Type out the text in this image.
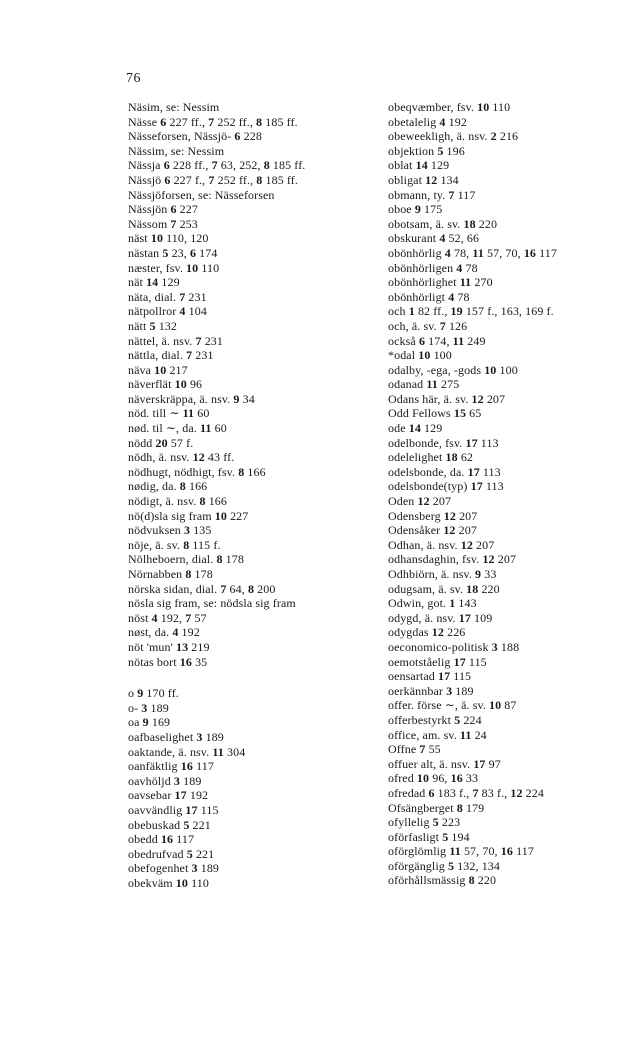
76
Näsim, se: Nessim
Nässe 6 227 ff., 7 252 ff., 8 185 ff.
Nässeforsen, Nässjö- 6 228
Nässim, se: Nessim
Nässja 6 228 ff., 7 63, 252, 8 185 ff.
Nässjö 6 227 f., 7 252 ff., 8 185 ff.
Nässjöforsen, se: Nässeforsen
Nässjön 6 227
Nässom 7 253
näst 10 110, 120
nästan 5 23, 6 174
næster, fsv. 10 110
nät 14 129
näta, dial. 7 231
nätpollror 4 104
nätt 5 132
nättel, ä. nsv. 7 231
nättla, dial. 7 231
näva 10 217
näverflät 10 96
näverskräppa, ä. nsv. 9 34
nöd. till ∼ 11 60
nød. til ∼, da. 11 60
nödd 20 57 f.
nödh, ä. nsv. 12 43 ff.
nödhugt, nödhigt, fsv. 8 166
nødig, da. 8 166
nödigt, ä. nsv. 8 166
nö(d)sla sig fram 10 227
nödvuksen 3 135
nöje, ä. sv. 8 115 f.
Nölheboern, dial. 8 178
Nörnabben 8 178
nörska sidan, dial. 7 64, 8 200
nösla sig fram, se: nödsla sig fram
nöst 4 192, 7 57
nøst, da. 4 192
nöt 'mun' 13 219
nötas bort 16 35
o 9 170 ff.
o- 3 189
oa 9 169
oafbaselighet 3 189
oaktande, ä. nsv. 11 304
oanfäktlig 16 117
oavhöljd 3 189
oavsebar 17 192
oavvändlig 17 115
obebuskad 5 221
obedd 16 117
obedrufvad 5 221
obefogenhet 3 189
obekväm 10 110
obeqvæmber, fsv. 10 110
obetalelig 4 192
obeweekligh, ä. nsv. 2 216
objektion 5 196
oblat 14 129
obligat 12 134
obmann, ty. 7 117
oboe 9 175
obotsam, ä. sv. 18 220
obskurant 4 52, 66
obönhörlig 4 78, 11 57, 70, 16 117
obönhörligen 4 78
obönhörlighet 11 270
obönhörligt 4 78
och 1 82 ff., 19 157 f., 163, 169 f.
och, ä. sv. 7 126
också 6 174, 11 249
*odal 10 100
odalby, -ega, -gods 10 100
odanad 11 275
Odans här, ä. sv. 12 207
Odd Fellows 15 65
ode 14 129
odelbonde, fsv. 17 113
odelelighet 18 62
odelsbonde, da. 17 113
odelsbonde(typ) 17 113
Oden 12 207
Odensberg 12 207
Odensåker 12 207
Odhan, ä. nsv. 12 207
odhansdaghin, fsv. 12 207
Odhbiörn, ä. nsv. 9 33
odugsam, ä. sv. 18 220
Odwin, got. 1 143
odygd, ä. nsv. 17 109
odygdas 12 226
oeconomico-politisk 3 188
oemotståelig 17 115
oensartad 17 115
oerkännbar 3 189
offer. förse ∼, ä. sv. 10 87
offerbestyrkt 5 224
office, am. sv. 11 24
Offne 7 55
offuer alt, ä. nsv. 17 97
ofred 10 96, 16 33
ofredad 6 183 f., 7 83 f., 12 224
Ofsängberget 8 179
ofyllelig 5 223
oförfasligt 5 194
oförglömlig 11 57, 70, 16 117
oförgänglig 5 132, 134
oförhållsmässig 8 220
